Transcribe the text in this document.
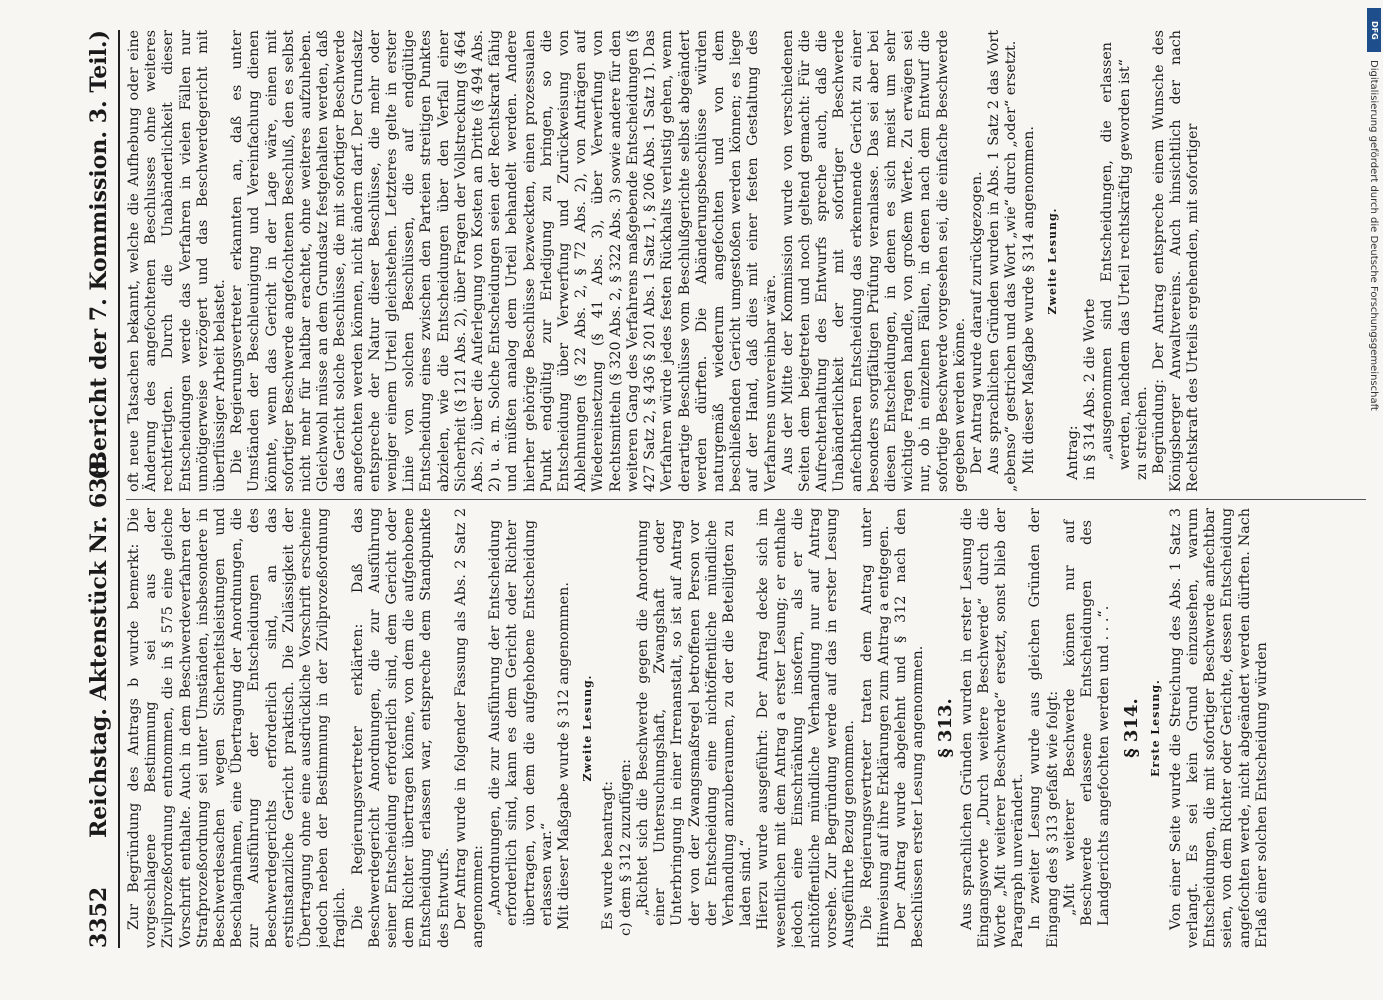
DFG
Digitalisierung gefördert durch die Deutsche Forschungsgemeinschaft
3352
Reichstag. Aktenstück Nr. 638.
(Bericht der 7. Kommission. 3. Teil.)

Zur Begründung des Antrags b wurde bemerkt: Die vorgeschlagene Bestimmung sei aus der Zivilprozeßordnung entnommen, die in § 575 eine gleiche Vorschrift enthalte. Auch in dem Beschwerdeverfahren der Strafprozeßordnung sei unter Umständen, insbesondere in Beschwerdesachen wegen Sicherheitsleistungen und Beschlagnahmen, eine Übertragung der Anordnungen, die zur Ausführung der Entscheidungen des Beschwerdegerichts erforderlich sind, an das erstinstanzliche Gericht praktisch. Die Zulässigkeit der Übertragung ohne eine ausdrückliche Vorschrift erscheine jedoch neben der Bestimmung in der Zivilprozeßordnung fraglich. Die Regierungsvertreter erklärten: Daß das Beschwerdegericht Anordnungen, die zur Ausführung seiner Entscheidung erforderlich sind, dem Gericht oder dem Richter übertragen könne, von dem die aufgehobene Entscheidung erlassen war, entspreche dem Standpunkte des Entwurfs. Der Antrag wurde in folgender Fassung als Abs. 2 Satz 2 angenommen: „Anordnungen, die zur Ausführung der Entscheidung erforderlich sind, kann es dem Gericht oder Richter übertragen, von dem die aufgehobene Entscheidung erlassen war.“ Mit dieser Maßgabe wurde § 312 angenommen. Zweite Lesung.

Es wurde beantragt: c) dem § 312 zuzufügen: „Richtet sich die Beschwerde gegen die Anordnung einer Untersuchungshaft, Zwangshaft oder Unterbringung in einer Irrenanstalt, so ist auf Antrag der von der Zwangsmaßregel betroffenen Person vor der Entscheidung eine nichtöffentliche mündliche Verhandlung anzuberaumen, zu der die Beteiligten zu laden sind.“ Hierzu wurde ausgeführt: Der Antrag decke sich im wesentlichen mit dem Antrag a erster Lesung; er enthalte jedoch eine Einschränkung insofern, als er die nichtöffentliche mündliche Verhandlung nur auf Antrag vorsehe. Zur Begründung werde auf das in erster Lesung Ausgeführte Bezug genommen. Die Regierungsvertreter traten dem Antrag unter Hinweisung auf ihre Erklärungen zum Antrag a entgegen. Der Antrag wurde abgelehnt und § 312 nach den Beschlüssen erster Lesung angenommen. § 313. Aus sprachlichen Gründen wurden in erster Lesung die Eingangsworte „Durch weitere Beschwerde“ durch die Worte „Mit weiterer Beschwerde“ ersetzt, sonst blieb der Paragraph unverändert. In zweiter Lesung wurde aus gleichen Gründen der Eingang des § 313 gefaßt wie folgt: „Mit weiterer Beschwerde können nur auf Beschwerde erlassene Entscheidungen des Landgerichts angefochten werden und . . .“. § 314. Erste Lesung. Von einer Seite wurde die Streichung des Abs. 1 Satz 3 verlangt. Es sei kein Grund einzusehen, warum Entscheidungen, die mit sofortiger Beschwerde anfechtbar seien, von dem Richter oder Gerichte, dessen Entscheidung angefochten werde, nicht abgeändert werden dürften. Nach Erlaß einer solchen Entscheidung würden

oft neue Tatsachen bekannt, welche die Aufhebung oder eine Änderung des angefochtenen Beschlusses ohne weiteres rechtfertigten. Durch die Unabänderlichkeit dieser Entscheidungen werde das Verfahren in vielen Fällen nur unnötigerweise verzögert und das Beschwerdegericht mit überflüssiger Arbeit belastet. Die Regierungsvertreter erkannten an, daß es unter Umständen der Beschleunigung und Vereinfachung dienen könnte, wenn das Gericht in der Lage wäre, einen mit sofortiger Beschwerde angefochtenen Beschluß, den es selbst nicht mehr für haltbar erachtet, ohne weiteres aufzuheben. Gleichwohl müsse an dem Grundsatz festgehalten werden, daß das Gericht solche Beschlüsse, die mit sofortiger Beschwerde angefochten werden können, nicht ändern darf. Der Grundsatz entspreche der Natur dieser Beschlüsse, die mehr oder weniger einem Urteil gleichstehen. Letzteres gelte in erster Linie von solchen Beschlüssen, die auf endgültige Entscheidung eines zwischen den Parteien streitigen Punktes abzielen, wie die Entscheidungen über den Verfall einer Sicherheit (§ 121 Abs. 2), über Fragen der Vollstreckung (§ 464 Abs. 2), über die Auferlegung von Kosten an Dritte (§ 494 Abs. 2) u. a. m. Solche Entscheidungen seien der Rechtskraft fähig und müßten analog dem Urteil behandelt werden. Andere hierher gehörige Beschlüsse bezweckten, einen prozessualen Punkt endgültig zur Erledigung zu bringen, so die Entscheidung über Verwerfung und Zurückweisung von Ablehnungen (§ 22 Abs. 2, § 72 Abs. 2), von Anträgen auf Wiedereinsetzung (§ 41 Abs. 3), über Verwerfung von Rechtsmitteln (§ 320 Abs. 2, § 322 Abs. 3) sowie andere für den weiteren Gang des Verfahrens maßgebende Entscheidungen (§ 427 Satz 2, § 436 § 201 Abs. 1 Satz 1, § 206 Abs. 1 Satz 1). Das Verfahren würde jedes festen Rückhalts verlustig gehen, wenn derartige Beschlüsse vom Beschlußgerichte selbst abgeändert werden dürften. Die Abänderungsbeschlüsse würden naturgemäß wiederum angefochten und von dem beschließenden Gericht umgestoßen werden können; es liege auf der Hand, daß dies mit einer festen Gestaltung des Verfahrens unvereinbar wäre. Aus der Mitte der Kommission wurde von verschiedenen Seiten dem beigetreten und noch geltend gemacht: Für die Aufrechterhaltung des Entwurfs spreche auch, daß die Unabänderlichkeit der mit sofortiger Beschwerde anfechtbaren Entscheidung das erkennende Gericht zu einer besonders sorgfältigen Prüfung veranlasse. Das sei aber bei diesen Entscheidungen, in denen es sich meist um sehr wichtige Fragen handle, von großem Werte. Zu erwägen sei nur, ob in einzelnen Fällen, in denen nach dem Entwurf die sofortige Beschwerde vorgesehen sei, die einfache Beschwerde gegeben werden könne. Der Antrag wurde darauf zurückgezogen. Aus sprachlichen Gründen wurden in Abs. 1 Satz 2 das Wort „ebenso“ gestrichen und das Wort „wie“ durch „oder“ ersetzt. Mit dieser Maßgabe wurde § 314 angenommen. Zweite Lesung.

Antrag: in § 314 Abs. 2 die Worte „ausgenommen sind Entscheidungen, die erlassen werden, nachdem das Urteil rechtskräftig geworden ist“ zu streichen. Begründung: Der Antrag entspreche einem Wunsche des Königsberger Anwaltvereins. Auch hinsichtlich der nach Rechtskraft des Urteils ergehenden, mit sofortiger
